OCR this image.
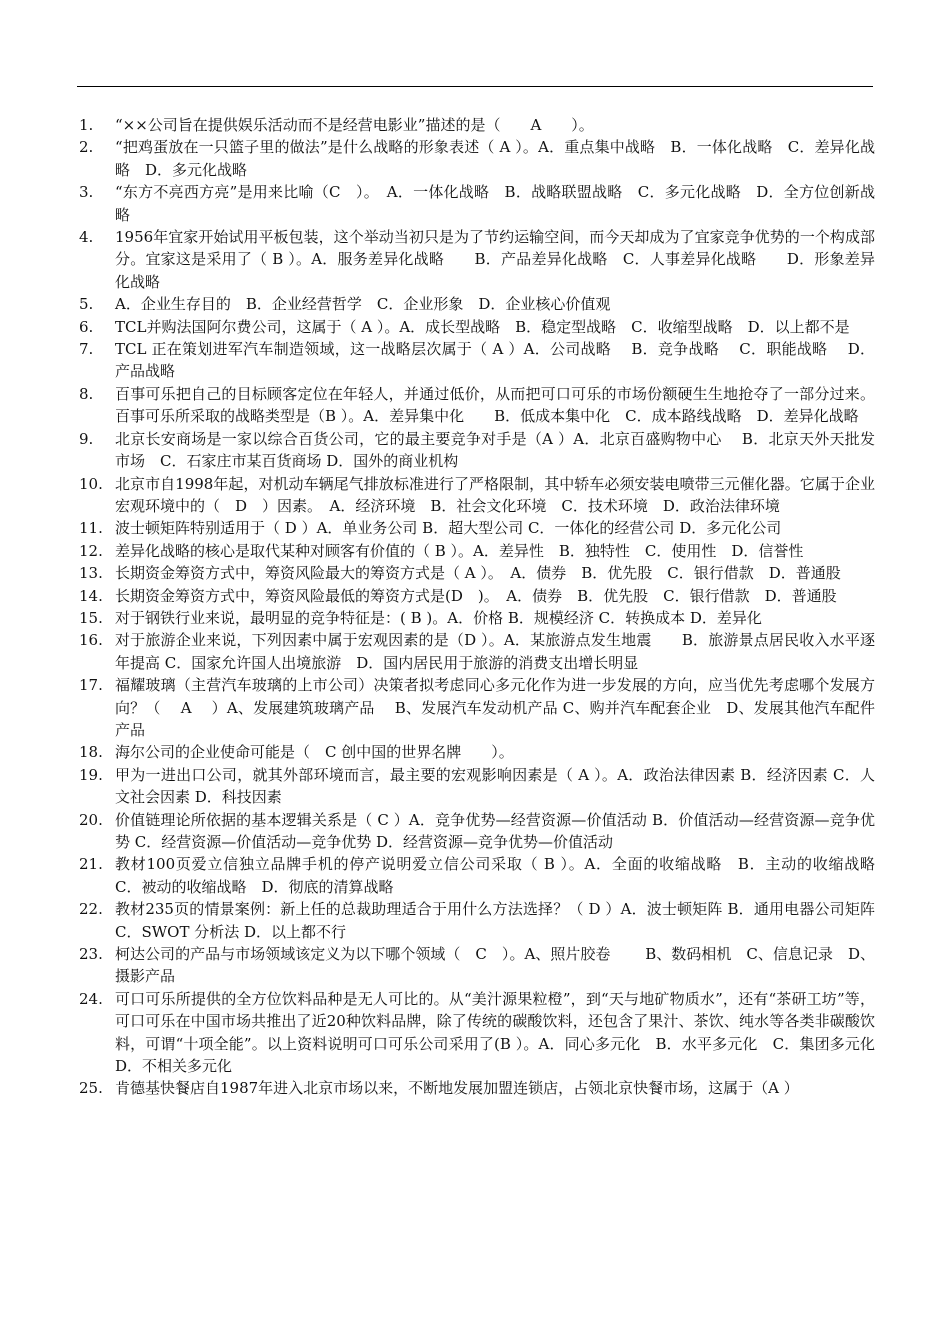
1.	“××公司旨在提供娱乐活动而不是经营电影业”描述的是（　　A　　）。
2.	“把鸡蛋放在一只篮子里的做法”是什么战略的形象表述（ A ）。A．重点集中战略　B．一体化战略　C．差异化战略　D．多元化战略
3.	“东方不亮西方亮”是用来比喻（C　）。　A．一体化战略　B．战略联盟战略　C．多元化战略　D．全方位创新战略
4.	1956年宜家开始试用平板包装，这个举动当初只是为了节约运输空间，而今天却成为了宜家竞争优势的一个构成部分。宜家这是采用了（ B ）。A．服务差异化战略　　B．产品差异化战略　C．人事差异化战略　　D．形象差异化战略
5.	A．企业生存目的　B．企业经营哲学　C．企业形象　D．企业核心价值观
6.	TCL并购法国阿尔费公司，这属于（ A ）。A．成长型战略　B．稳定型战略　C．收缩型战略　D．以上都不是
7.	TCL 正在策划进军汽车制造领域，这一战略层次属于（ A ）A．公司战略　 B．竞争战略　 C．职能战略　 D．产品战略
8.	百事可乐把自己的目标顾客定位在年轻人，并通过低价，从而把可口可乐的市场份额硬生生地抢夺了一部分过来。百事可乐所采取的战略类型是（B ）。A．差异集中化　　B．低成本集中化　C．成本路线战略　D．差异化战略
9.	北京长安商场是一家以综合百货公司，它的最主要竞争对手是（A ）A．北京百盛购物中心　 B．北京天外天批发市场　C．石家庄市某百货商场 D．国外的商业机构
10. 北京市自1998年起，对机动车辆尾气排放标准进行了严格限制，其中轿车必须安装电喷带三元催化器。它属于企业宏观环境中的（　D　）因素。　A．经济环境　B．社会文化环境　C．技术环境　D．政治法律环境
11. 波士顿矩阵特别适用于（ D ）A．单业务公司 B．超大型公司 C．一体化的经营公司 D．多元化公司
12. 差异化战略的核心是取代某种对顾客有价值的（ B ）。A．差异性　B．独特性　C．使用性　D．信誉性
13. 长期资金筹资方式中，筹资风险最大的筹资方式是（ A ）。　A．债券　B．优先股　C．银行借款　D．普通股
14. 长期资金筹资方式中，筹资风险最低的筹资方式是(D　)。　A．债券　B．优先股　C．银行借款　D．普通股
15. 对于钢铁行业来说，最明显的竞争特征是：( B )。A．价格 B．规模经济 C．转换成本 D．差异化
16. 对于旅游企业来说，下列因素中属于宏观因素的是（D ）。A．某旅游点发生地震　　B．旅游景点居民收入水平逐年提高 C．国家允许国人出境旅游　D．国内居民用于旅游的消费支出增长明显
17. 福耀玻璃（主营汽车玻璃的上市公司）决策者拟考虑同心多元化作为进一步发展的方向，应当优先考虑哪个发展方向？（　 A 　）A、发展建筑玻璃产品　 B、发展汽车发动机产品 C、购并汽车配套企业　D、发展其他汽车配件产品
18. 海尔公司的企业使命可能是（　C 创中国的世界名牌　　）。
19. 甲为一进出口公司，就其外部环境而言，最主要的宏观影响因素是（ A ）。A．政治法律因素 B．经济因素 C．人文社会因素 D．科技因素
20. 价值链理论所依据的基本逻辑关系是（ C ）A．竞争优势—经营资源—价值活动 B．价值活动—经营资源—竞争优势 C．经营资源—价值活动—竞争优势 D．经营资源—竞争优势—价值活动
21. 教材100页爱立信独立品牌手机的停产说明爱立信公司采取（ B ）。A．全面的收缩战略　B．主动的收缩战略　 C．被动的收缩战略　D．彻底的清算战略
22. 教材235页的情景案例：新上任的总裁助理适合于用什么方法选择？（ D ）A．波士顿矩阵 B．通用电器公司矩阵 C．SWOT 分析法 D．以上都不行
23. 柯达公司的产品与市场领域该定义为以下哪个领域（　C　）。A、照片胶卷　　 B、数码相机　C、信息记录　D、摄影产品
24. 可口可乐所提供的全方位饮料品种是无人可比的。从“美汁源果粒橙”，到“天与地矿物质水”，还有“茶研工坊”等，可口可乐在中国市场共推出了近20种饮料品牌，除了传统的碳酸饮料，还包含了果汁、茶饮、纯水等各类非碳酸饮料，可谓“十项全能”。以上资料说明可口可乐公司采用了(B ）。A．同心多元化　B．水平多元化　C．集团多元化　D．不相关多元化
25. 肯德基快餐店自1987年进入北京市场以来，不断地发展加盟连锁店，占领北京快餐市场，这属于（A ）
